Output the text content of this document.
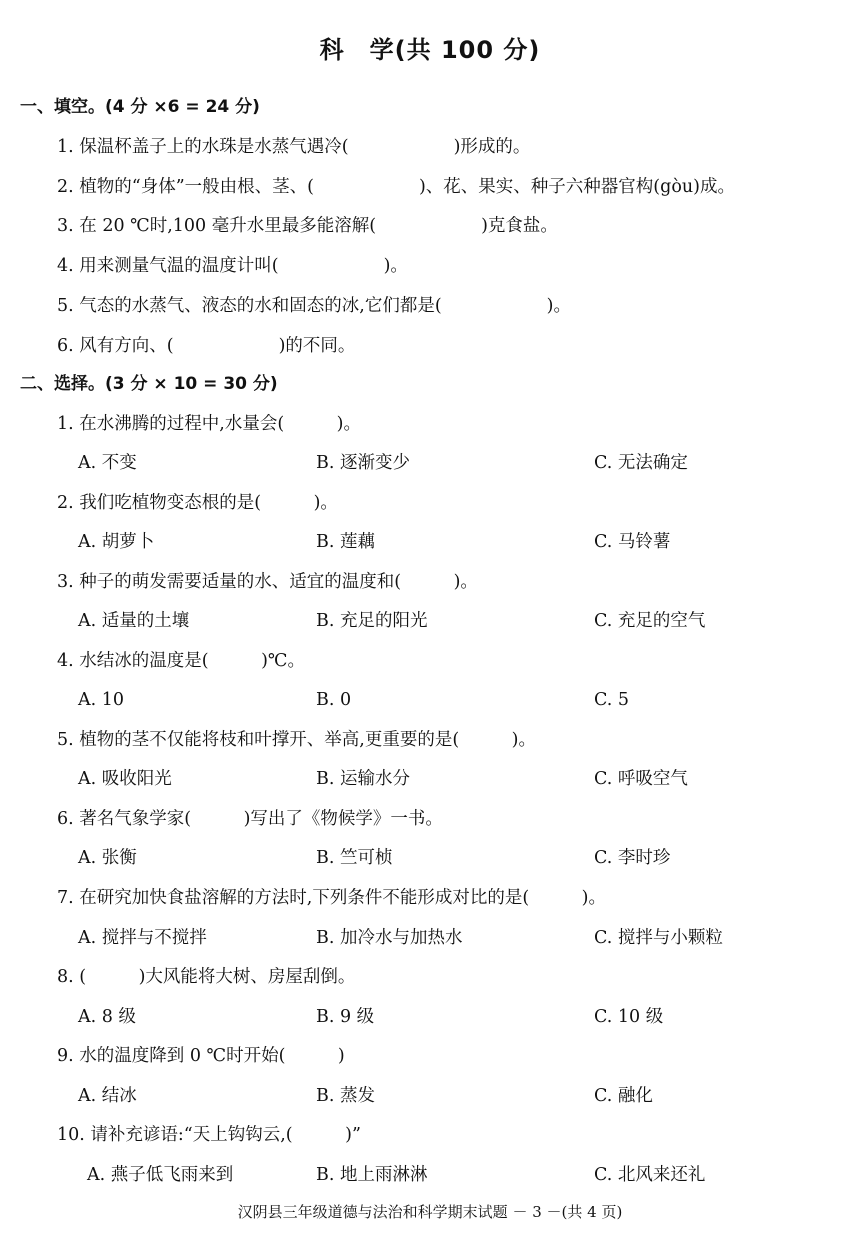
科　学(共 100 分)
一、填空。(4 分 ×6 = 24 分)
1. 保温杯盖子上的水珠是水蒸气遇冷(　　　　　　)形成的。
2. 植物的“身体”一般由根、茎、(　　　　　　)、花、果实、种子六种器官构(gòu)成。
3. 在 20 ℃时,100 毫升水里最多能溶解(　　　　　　)克食盐。
4. 用来测量气温的温度计叫(　　　　　　)。
5. 气态的水蒸气、液态的水和固态的冰,它们都是(　　　　　　)。
6. 风有方向、(　　　　　　)的不同。
二、选择。(3 分 × 10 = 30 分)
1. 在水沸腾的过程中,水量会(　　　)。
A. 不变	B. 逐渐变少	C. 无法确定
2. 我们吃植物变态根的是(　　　)。
A. 胡萝卜	B. 莲藕	C. 马铃薯
3. 种子的萌发需要适量的水、适宜的温度和(　　　)。
A. 适量的土壤	B. 充足的阳光	C. 充足的空气
4. 水结冰的温度是(　　　)℃。
A. 10	B. 0	C. 5
5. 植物的茎不仅能将枝和叶撑开、举高,更重要的是(　　　)。
A. 吸收阳光	B. 运输水分	C. 呼吸空气
6. 著名气象学家(　　　)写出了《物候学》一书。
A. 张衡	B. 竺可桢	C. 李时珍
7. 在研究加快食盐溶解的方法时,下列条件不能形成对比的是(　　　)。
A. 搅拌与不搅拌	B. 加冷水与加热水	C. 搅拌与小颗粒
8. (　　　)大风能将大树、房屋刮倒。
A. 8 级	B. 9 级	C. 10 级
9. 水的温度降到 0 ℃时开始(　　　)
A. 结冰	B. 蒸发	C. 融化
10. 请补充谚语:“天上钩钩云,(　　　)”
A. 燕子低飞雨来到	B. 地上雨淋淋	C. 北风来还礼
汉阴县三年级道德与法治和科学期末试题 － 3 －(共 4 页)
